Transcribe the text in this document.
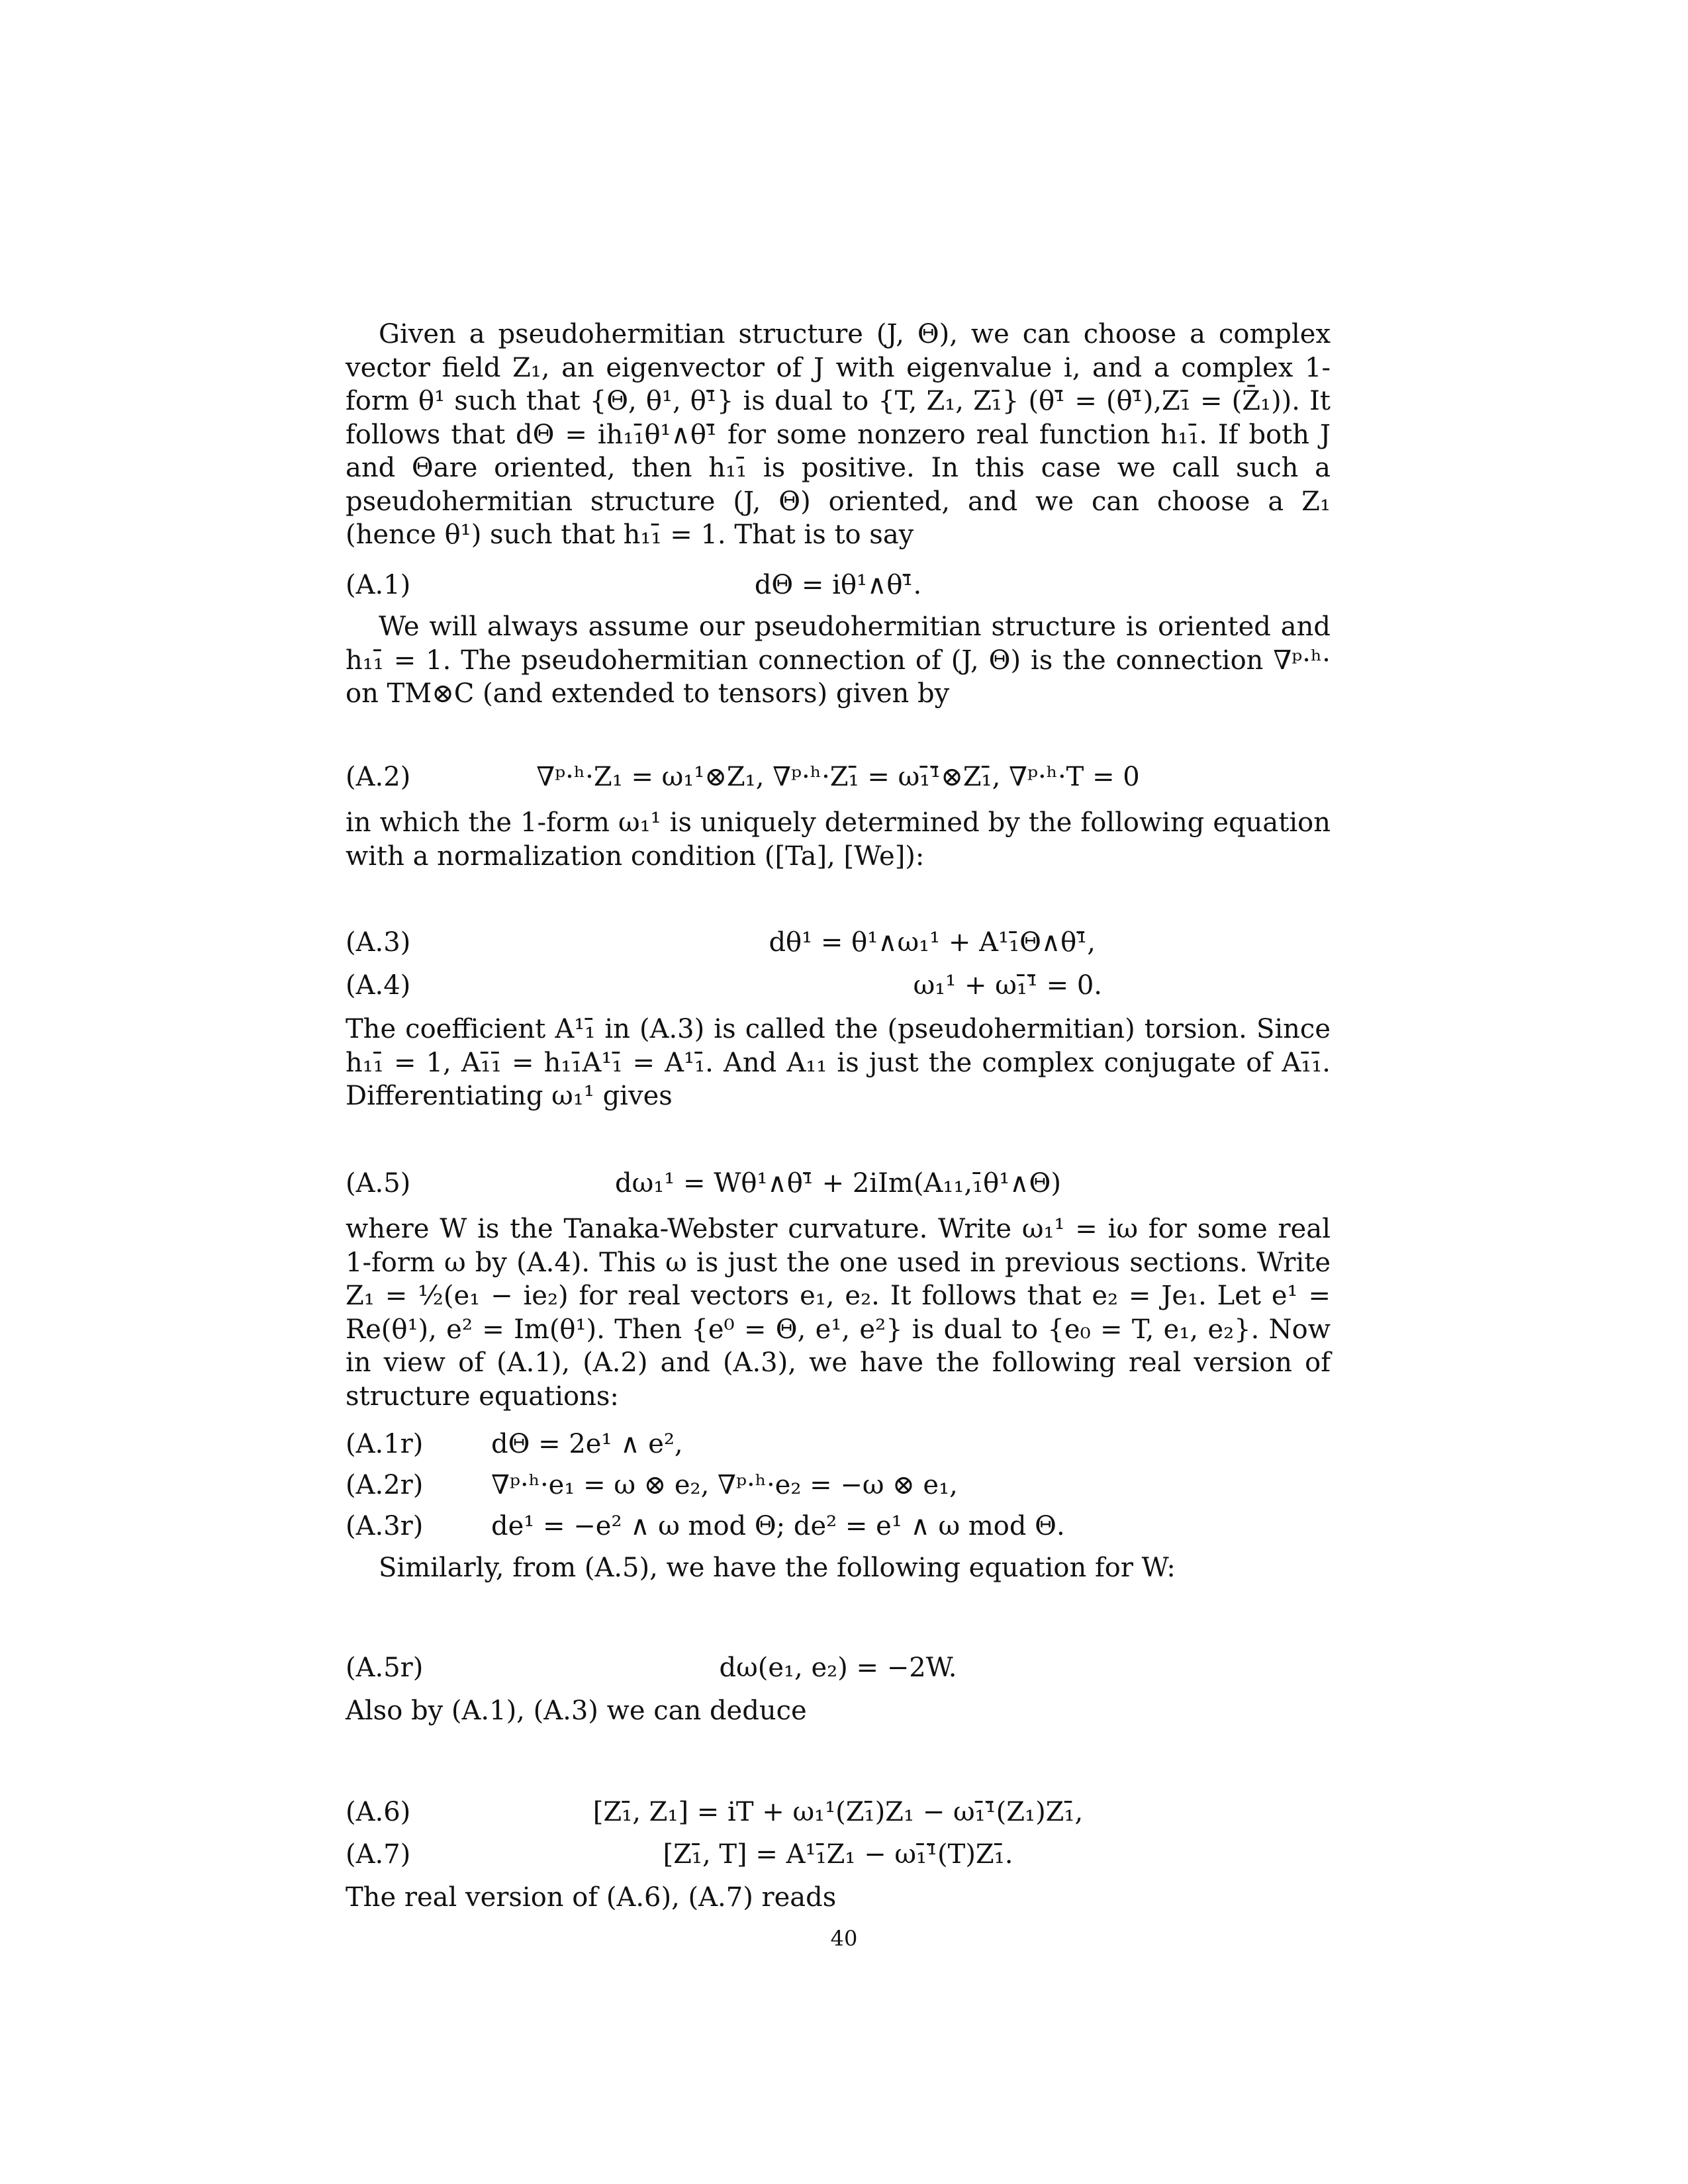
Given a pseudohermitian structure (J, Θ), we can choose a complex vector field Z₁, an eigenvector of J with eigenvalue i, and a complex 1-form θ¹ such that {Θ, θ¹, θ¹̄} is dual to {T, Z₁, Z₁̄} (θ¹̄ = (θ¹̄),Z₁̄ = (Z̄₁)). It follows that dΘ = ih₁₁̄θ¹∧θ¹̄ for some nonzero real function h₁₁̄. If both J and Θare oriented, then h₁₁̄ is positive. In this case we call such a pseudohermitian structure (J, Θ) oriented, and we can choose a Z₁ (hence θ¹) such that h₁₁̄ = 1. That is to say

(A.1)	dΘ = iθ¹∧θ¹̄.

We will always assume our pseudohermitian structure is oriented and h₁₁̄ = 1. The pseudohermitian connection of (J, Θ) is the connection ∇ᵖ·ʰ· on TM⊗C (and extended to tensors) given by

(A.2)	∇ᵖ·ʰ·Z₁ = ω₁¹⊗Z₁, ∇ᵖ·ʰ·Z₁̄ = ω₁̄¹̄⊗Z₁̄, ∇ᵖ·ʰ·T = 0

in which the 1-form ω₁¹ is uniquely determined by the following equation with a normalization condition ([Ta], [We]):

(A.3)	dθ¹ = θ¹∧ω₁¹ + A¹₁̄Θ∧θ¹̄,
(A.4)	ω₁¹ + ω₁̄¹̄ = 0.

The coefficient A¹₁̄ in (A.3) is called the (pseudohermitian) torsion. Since h₁₁̄ = 1, A₁̄₁̄ = h₁₁̄A¹₁̄ = A¹₁̄. And A₁₁ is just the complex conjugate of A₁̄₁̄. Differentiating ω₁¹ gives

(A.5)	dω₁¹ = Wθ¹∧θ¹̄ + 2iIm(A₁₁,₁̄θ¹∧Θ)

where W is the Tanaka-Webster curvature. Write ω₁¹ = iω for some real 1-form ω by (A.4). This ω is just the one used in previous sections. Write Z₁ = ½(e₁ − ie₂) for real vectors e₁, e₂. It follows that e₂ = Je₁. Let e¹ = Re(θ¹), e² = Im(θ¹). Then {e⁰ = Θ, e¹, e²} is dual to {e₀ = T, e₁, e₂}. Now in view of (A.1), (A.2) and (A.3), we have the following real version of structure equations:

(A.1r)	dΘ = 2e¹ ∧ e²,
(A.2r)	∇ᵖ·ʰ·e₁ = ω ⊗ e₂, ∇ᵖ·ʰ·e₂ = −ω ⊗ e₁,
(A.3r)	de¹ = −e² ∧ ω mod Θ; de² = e¹ ∧ ω mod Θ.

Similarly, from (A.5), we have the following equation for W:

(A.5r)	dω(e₁, e₂) = −2W.

Also by (A.1), (A.3) we can deduce

(A.6)	[Z₁̄, Z₁] = iT + ω₁¹(Z₁̄)Z₁ − ω₁̄¹̄(Z₁)Z₁̄,
(A.7)	[Z₁̄, T] = A¹₁̄Z₁ − ω₁̄¹̄(T)Z₁̄.

The real version of (A.6), (A.7) reads

40
